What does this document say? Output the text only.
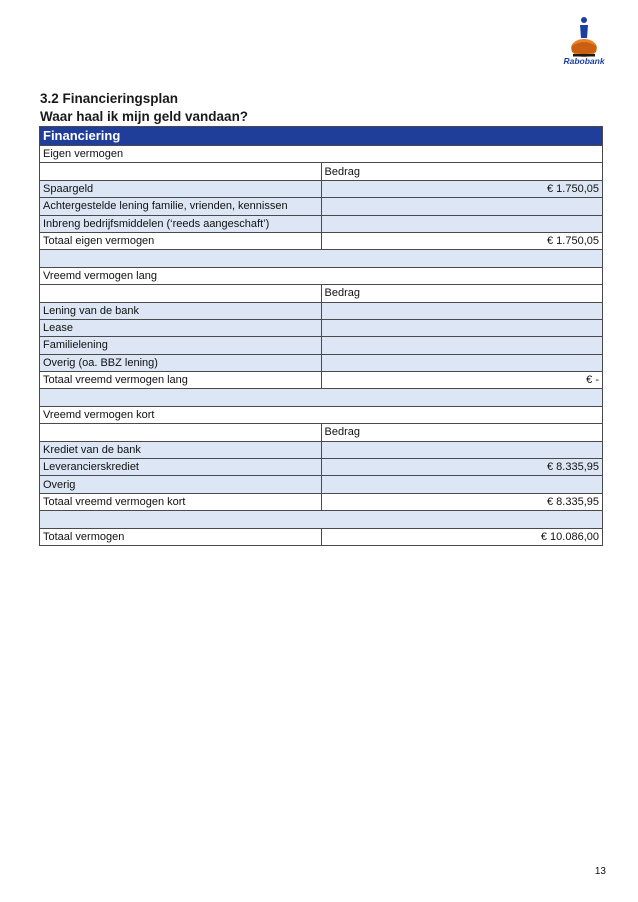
Rabobank
3.2 Financieringsplan
Waar haal ik mijn geld vandaan?
Financiering	
Eigen vermogen	
	Bedrag
Spaargeld	€ 1.750,05
Achtergestelde lening familie, vrienden, kennissen	
Inbreng bedrijfsmiddelen (‘reeds aangeschaft’)	
Totaal eigen vermogen	€ 1.750,05

Vreemd vermogen lang	
	Bedrag
Lening van de bank	
Lease	
Familielening	
Overig (oa. BBZ lening)	
Totaal vreemd vermogen lang	€ -

Vreemd vermogen kort	
	Bedrag
Krediet van de bank	
Leverancierskrediet	€ 8.335,95
Overig	
Totaal vreemd vermogen kort	€ 8.335,95

Totaal vermogen	€ 10.086,00
13
